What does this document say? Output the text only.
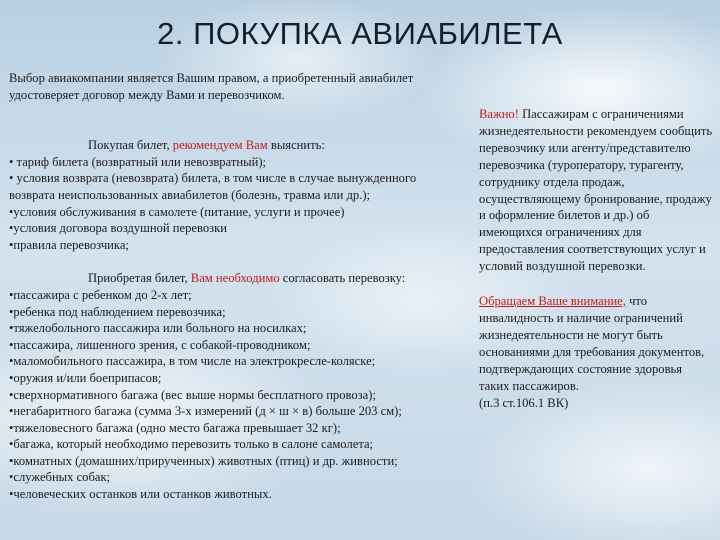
2. ПОКУПКА АВИАБИЛЕТА

Выбор авиакомпании является Вашим правом, а приобретенный авиабилет удостоверяет договор между Вами и перевозчиком.

Покупая билет, рекомендуем Вам выяснить:

• тариф билета (возвратный или невозвратный);
• условия возврата (невозврата) билета, в том числе в случае вынужденного возврата неиспользованных авиабилетов (болезнь, травма или др.);
•условия обслуживания в самолете (питание, услуги и прочее)
•условия договора воздушной перевозки
•правила перевозчика;

Приобретая билет, Вам необходимо согласовать перевозку:

•пассажира с ребенком до 2-х лет;
•ребенка под наблюдением перевозчика;
•тяжелобольного пассажира или больного на носилках;
•пассажира, лишенного зрения, с собакой-проводником;
•маломобильного пассажира, в том числе на электрокресле-коляске;
•оружия и/или боеприпасов;
•сверхнормативного багажа (вес выше нормы бесплатного провоза);
•негабаритного багажа (сумма 3-х измерений (д × ш × в) больше 203 см);
•тяжеловесного багажа (одно место багажа превышает 32 кг);
•багажа, который необходимо перевозить только в салоне самолета;
•комнатных (домашних/прирученных) животных (птиц) и др. живности;
•служебных собак;
•человеческих останков или останков животных.

Важно! Пассажирам с ограничениями жизнедеятельности рекомендуем сообщить перевозчику или агенту/представителю перевозчика (туроператору, турагенту, сотруднику отдела продаж, осуществляющему бронирование, продажу и оформление билетов и др.) об имеющихся ограничениях для предоставления соответствующих услуг и условий воздушной перевозки.

Обращаем Ваше внимание, что инвалидность и наличие ограничений жизнедеятельности не могут быть основаниями для требования документов, подтверждающих состояние здоровья таких пассажиров.
(п.3 ст.106.1 ВК)
